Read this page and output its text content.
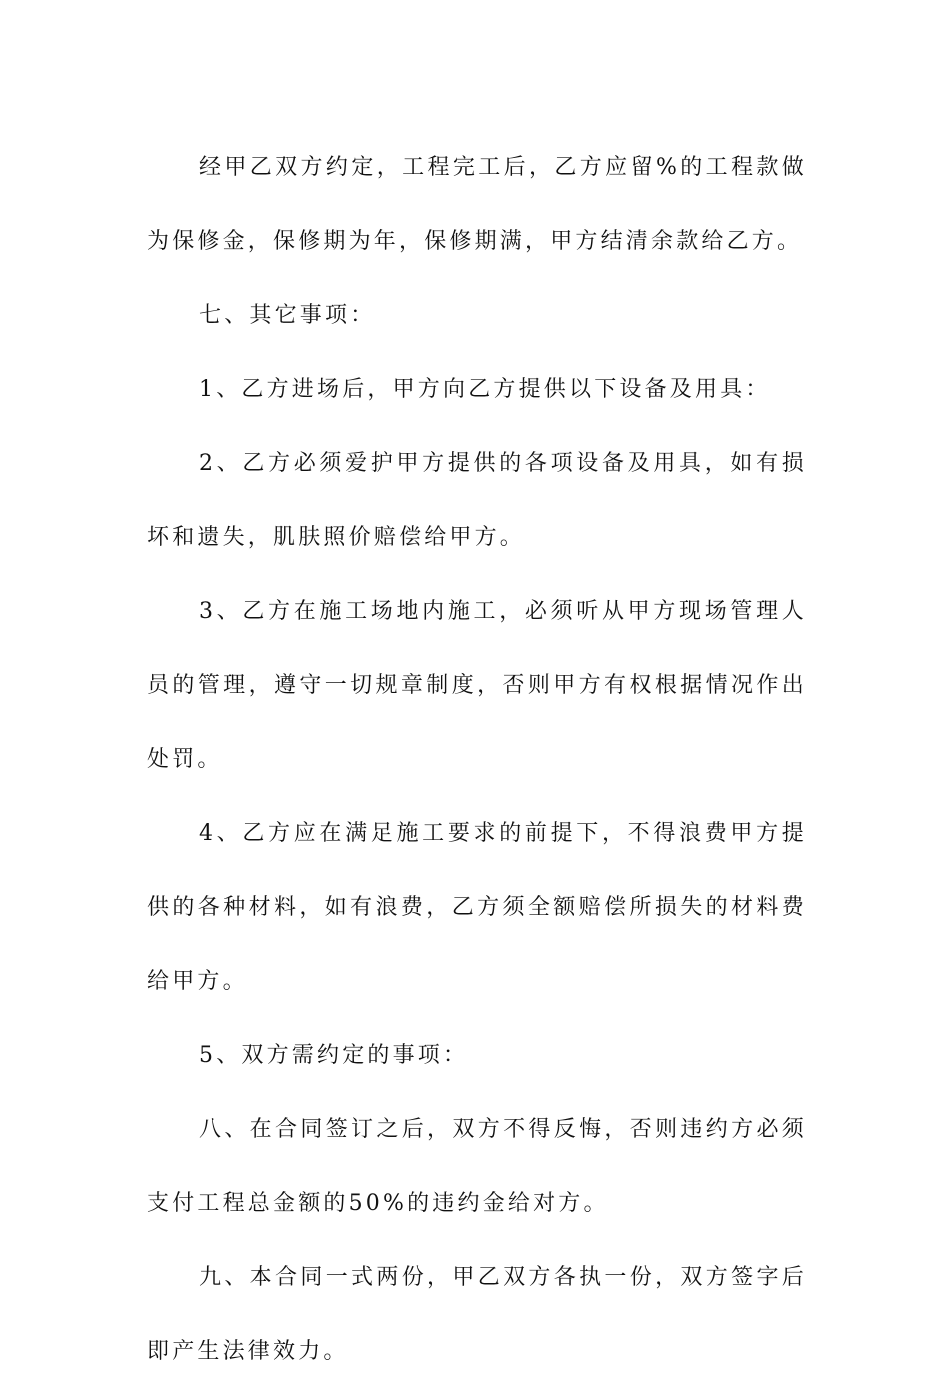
经甲乙双方约定，工程完工后，乙方应留%的工程款做为保修金，保修期为年，保修期满，甲方结清余款给乙方。

七、其它事项：

1、乙方进场后，甲方向乙方提供以下设备及用具：

2、乙方必须爱护甲方提供的各项设备及用具，如有损坏和遗失，肌肤照价赔偿给甲方。

3、乙方在施工场地内施工，必须听从甲方现场管理人员的管理，遵守一切规章制度，否则甲方有权根据情况作出处罚。

4、乙方应在满足施工要求的前提下，不得浪费甲方提供的各种材料，如有浪费，乙方须全额赔偿所损失的材料费给甲方。

5、双方需约定的事项：

八、在合同签订之后，双方不得反悔，否则违约方必须支付工程总金额的50%的违约金给对方。

九、本合同一式两份，甲乙双方各执一份，双方签字后即产生法律效力。
